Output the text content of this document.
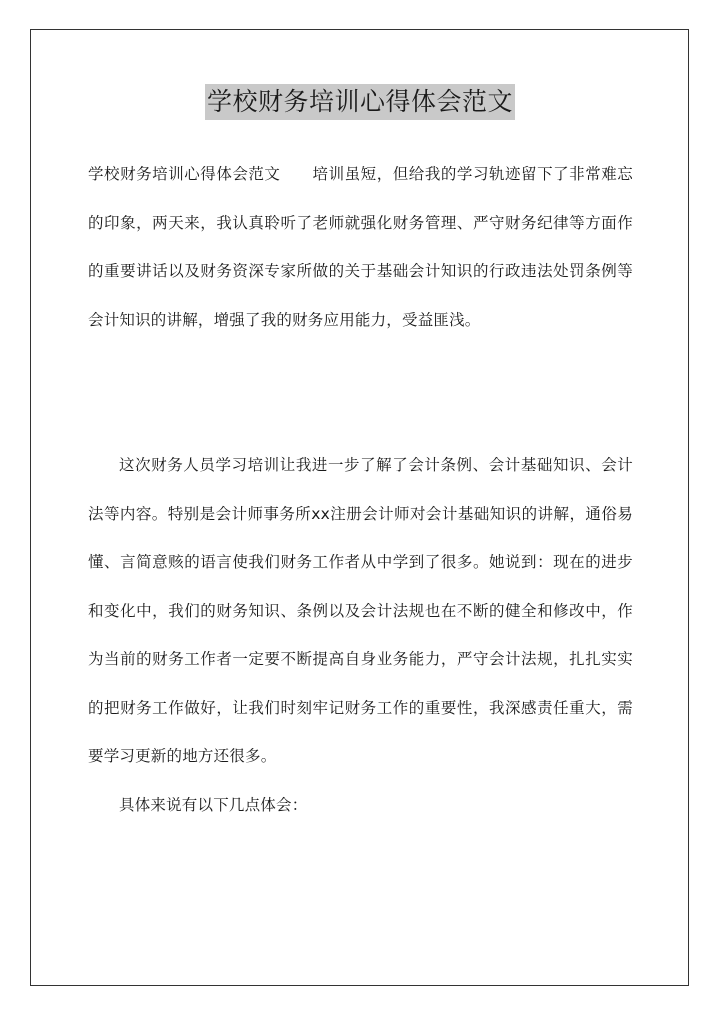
学校财务培训心得体会范文

学校财务培训心得体会范文　　培训虽短，但给我的学习轨迹留下了非常难忘的印象，两天来，我认真聆听了老师就强化财务管理、严守财务纪律等方面作的重要讲话以及财务资深专家所做的关于基础会计知识的行政违法处罚条例等会计知识的讲解，增强了我的财务应用能力，受益匪浅。

这次财务人员学习培训让我进一步了解了会计条例、会计基础知识、会计法等内容。特别是会计师事务所xx注册会计师对会计基础知识的讲解，通俗易懂、言简意赅的语言使我们财务工作者从中学到了很多。她说到：现在的进步和变化中，我们的财务知识、条例以及会计法规也在不断的健全和修改中，作为当前的财务工作者一定要不断提高自身业务能力，严守会计法规，扎扎实实的把财务工作做好，让我们时刻牢记财务工作的重要性，我深感责任重大，需要学习更新的地方还很多。

具体来说有以下几点体会：
